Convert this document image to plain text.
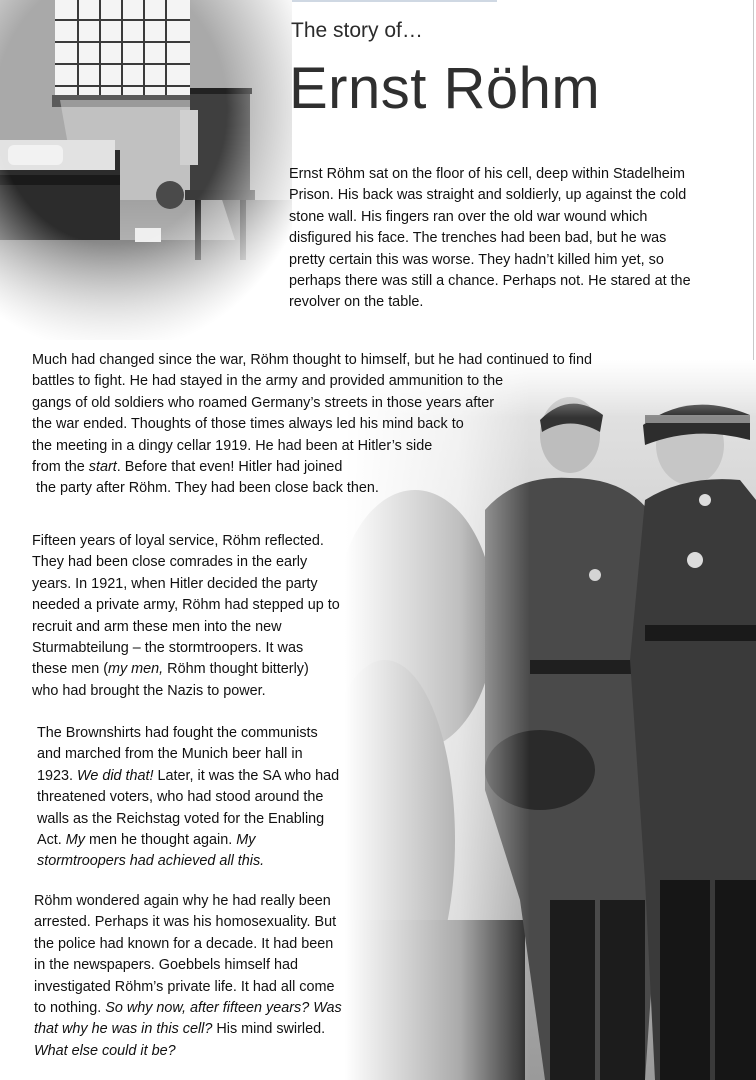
The story of…
Ernst Röhm
Ernst Röhm sat on the floor of his cell, deep within Stadelheim
Prison. His back was straight and soldierly, up against the cold
stone wall. His fingers ran over the old war wound which
disfigured his face. The trenches had been bad, but he was
pretty certain this was worse. They hadn’t killed him yet, so
perhaps there was still a chance. Perhaps not. He stared at the
revolver on the table.
Much had changed since the war, Röhm thought to himself, but he had continued to find
battles to fight. He had stayed in the army and provided ammunition to the
gangs of old soldiers who roamed Germany’s streets in those years after
the war ended. Thoughts of those times always led his mind back to
the meeting in a dingy cellar 1919. He had been at Hitler’s side
from the start. Before that even! Hitler had joined
the party after Röhm. They had been close back then.
Fifteen years of loyal service, Röhm reflected.
They had been close comrades in the early
years. In 1921, when Hitler decided the party
needed a private army, Röhm had stepped up to
recruit and arm these men into the new
Sturmabteilung – the stormtroopers. It was
these men (my men, Röhm thought bitterly)
who had brought the Nazis to power.
The Brownshirts had fought the communists
and marched from the Munich beer hall in
1923. We did that! Later, it was the SA who had
threatened voters, who had stood around the
walls as the Reichstag voted for the Enabling
Act. My men he thought again. My
stormtroopers had achieved all this.
Röhm wondered again why he had really been
arrested. Perhaps it was his homosexuality. But
the police had known for a decade. It had been
in the newspapers. Goebbels himself had
investigated Röhm’s private life. It had all come
to nothing. So why now, after fifteen years? Was
that why he was in this cell? His mind swirled.
What else could it be?
